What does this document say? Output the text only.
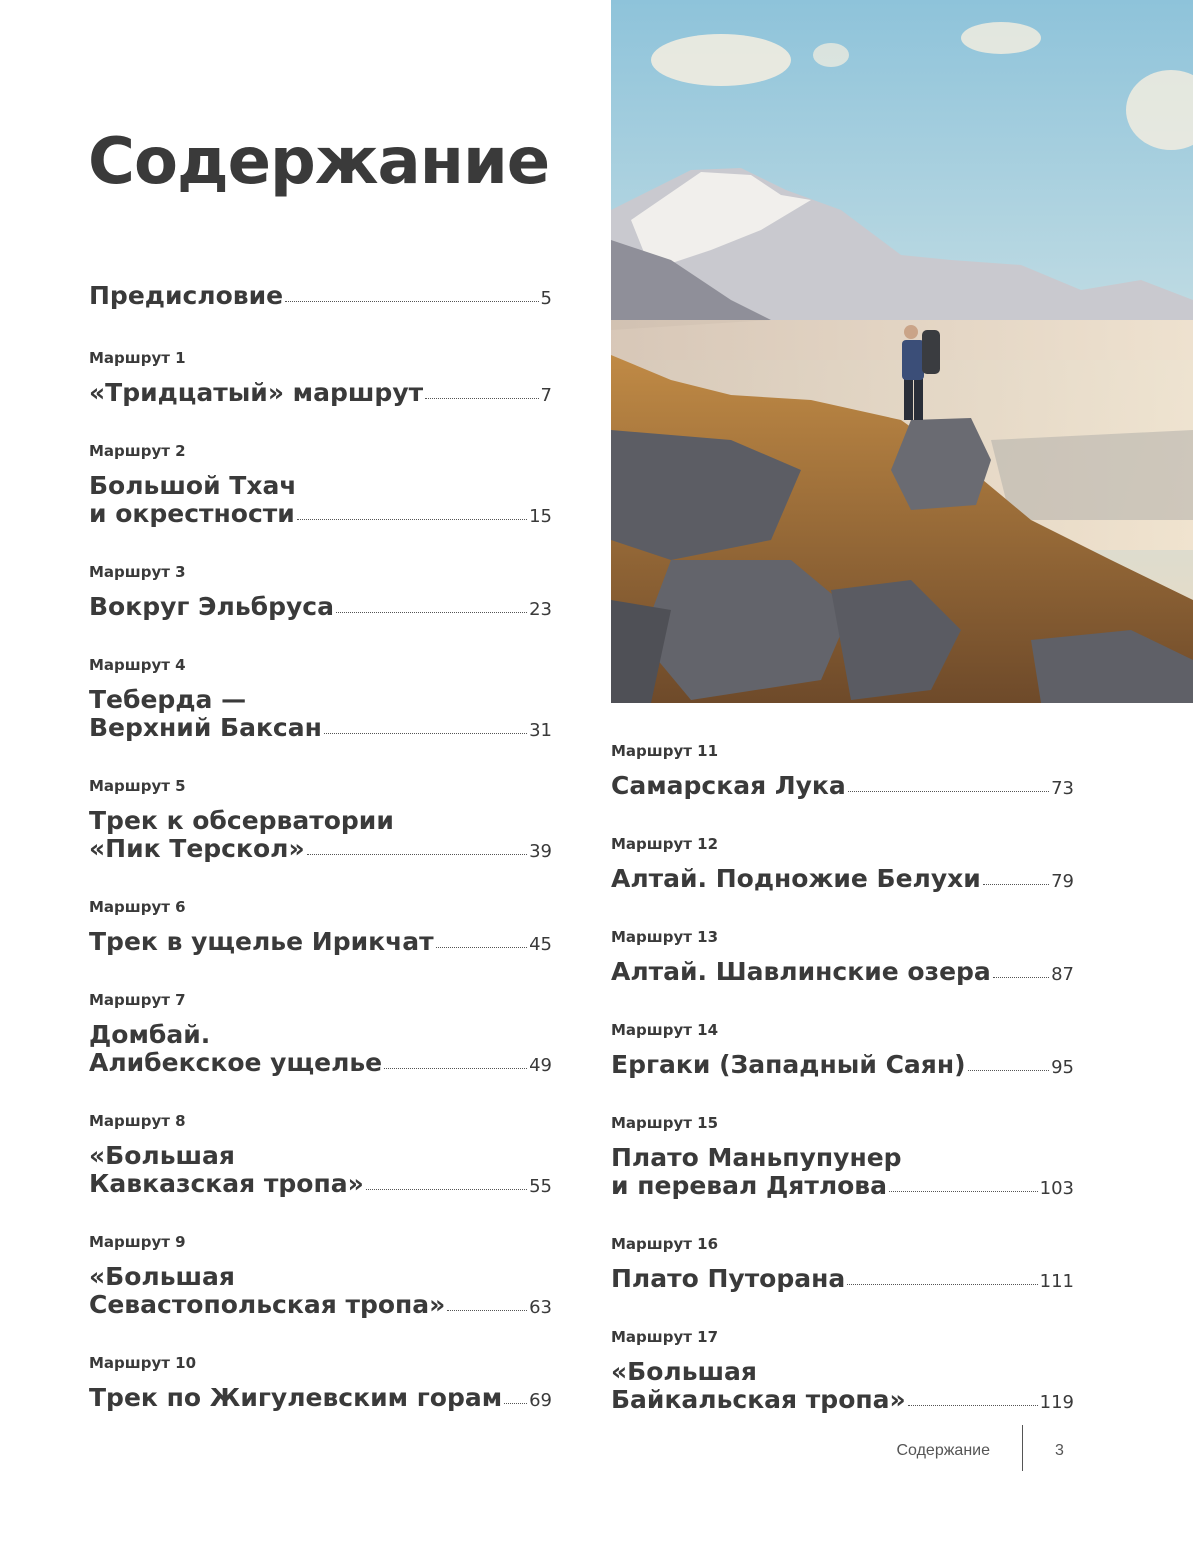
Содержание
Предисловие	5
Маршрут 1
«Тридцатый» маршрут	7
Маршрут 2
Большой Тхач
и окрестности	15
Маршрут 3
Вокруг Эльбруса	23
Маршрут 4
Теберда —
Верхний Баксан	31
Маршрут 5
Трек к обсерватории
«Пик Терскол»	39
Маршрут 6
Трек в ущелье Ирикчат	45
Маршрут 7
Домбай.
Алибекское ущелье	49
Маршрут 8
«Большая
Кавказская тропа»	55
Маршрут 9
«Большая
Севастопольская тропа»	63
Маршрут 10
Трек по Жигулевским горам 69
Маршрут 11
Самарская Лука	73
Маршрут 12
Алтай. Подножие Белухи	79
Маршрут 13
Алтай. Шавлинские озера	87
Маршрут 14
Ергаки (Западный Саян)	95
Маршрут 15
Плато Маньпупунер
и перевал Дятлова	103
Маршрут 16
Плато Путорана	111
Маршрут 17
«Большая
Байкальская тропа»	119
Содержание	3
